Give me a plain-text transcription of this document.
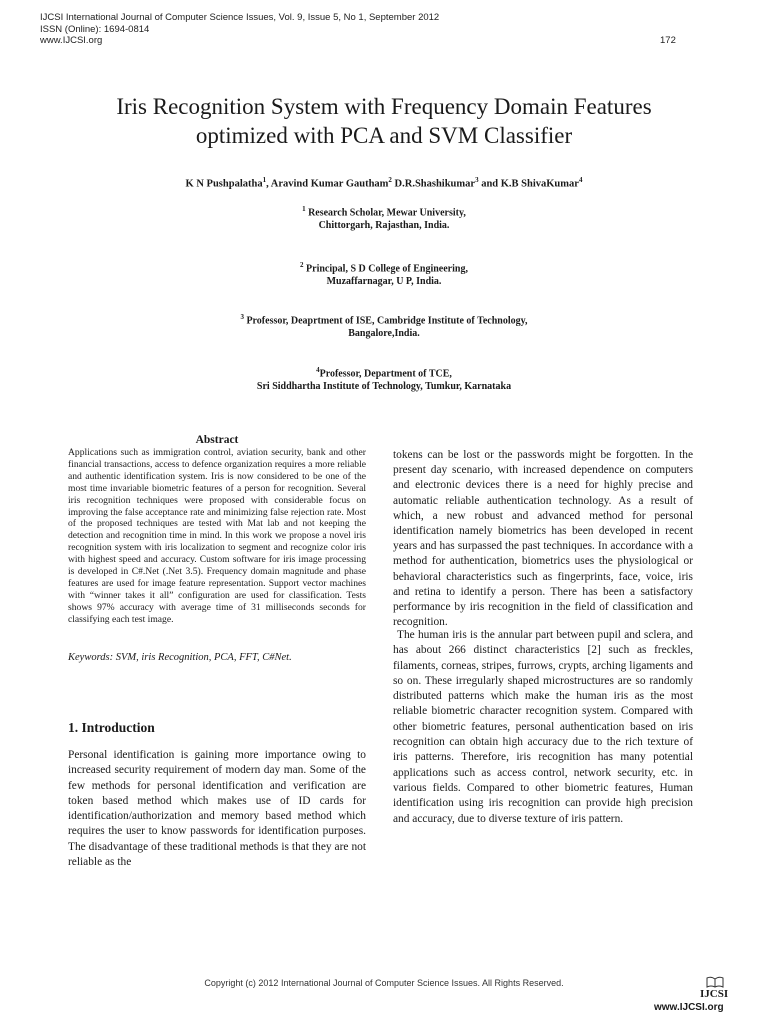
IJCSI International Journal of Computer Science Issues, Vol. 9, Issue 5, No 1, September 2012
ISSN (Online): 1694-0814
www.IJCSI.org	172
Iris Recognition System with Frequency Domain Features
optimized with PCA and SVM Classifier
K N Pushpalatha$^1$, Aravind Kumar Gautham$^2$ D.R.Shashikumar$^3$ and K.B ShivaKumar$^4$
$^1$ Research Scholar, Mewar University,
Chittorgarh, Rajasthan, India.
$^2$ Principal, S D College of Engineering,
Muzaffarnagar, U P, India.
$^3$ Professor, Deaprtment of ISE, Cambridge Institute of Technology,
Bangalore,India.
$^4$Professor, Department of TCE,
Sri Siddhartha Institute of Technology, Tumkur, Karnataka
Abstract
Applications such as immigration control, aviation security, bank and other financial transactions, access to defence organization requires a more reliable and authentic identification system. Iris is now considered to be one of the most time invariable biometric features of a person for recognition. Several iris recognition techniques were proposed with considerable focus on improving the false acceptance rate and minimizing false rejection rate. Most of the proposed techniques are tested with Mat lab and not keeping the detection and recognition time in mind. In this work we propose a novel iris recognition system with iris localization to segment and recognize color iris with highest speed and accuracy. Custom software for iris image processing is developed in C#.Net (.Net 3.5). Frequency domain magnitude and phase features are used for image feature representation. Support vector machines with “winner takes it all” configuration are used for classification. Tests shows 97% accuracy with average time of 31 milliseconds seconds for classifying each test image.
Keywords: SVM, iris Recognition, PCA, FFT, C#Net.
1. Introduction
Personal identification is gaining more importance owing to increased security requirement of modern day man. Some of the few methods for personal identification and verification are token based method which makes use of ID cards for identification/authorization and memory based method which requires the user to know passwords for identification purposes. The disadvantage of these traditional methods is that they are not reliable as the
tokens can be lost or the passwords might be forgotten. In the present day scenario, with increased dependence on computers and electronic devices there is a need for highly precise and automatic reliable authentication technology. As a result of which, a new robust and advanced method for personal identification namely biometrics has been developed in recent years and has surpassed the past techniques. In accordance with a method for authentication, biometrics uses the physiological or behavioral characteristics such as fingerprints, face, voice, iris and retina to identify a person. There has been a satisfactory performance by iris recognition in the field of classification and recognition.
The human iris is the annular part between pupil and sclera, and has about 266 distinct characteristics [2] such as freckles, filaments, corneas, stripes, furrows, crypts, arching ligaments and so on. These irregularly shaped microstructures are so randomly distributed patterns which make the human iris as the most reliable biometric character recognition system. Compared with other biometric features, personal authentication based on iris recognition can obtain high accuracy due to the rich texture of iris patterns. Therefore, iris recognition has many potential applications such as access control, network security, etc. in various fields. Compared to other biometric features, Human identification using iris recognition can provide high precision and accuracy, due to diverse texture of iris pattern.
Copyright (c) 2012 International Journal of Computer Science Issues. All Rights Reserved.
IJCSI
www.IJCSI.org
